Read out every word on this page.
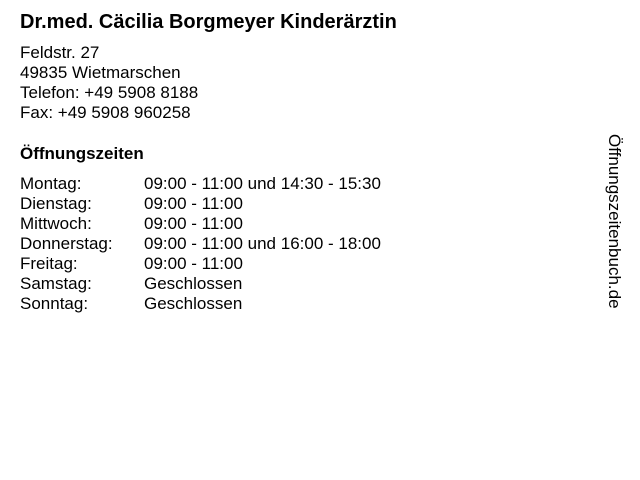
Dr.med. Cäcilia Borgmeyer Kinderärztin
Feldstr. 27
49835 Wietmarschen
Telefon: +49 5908 8188
Fax: +49 5908 960258
Öffnungszeiten
Montag:	09:00 - 11:00 und 14:30 - 15:30
Dienstag:	09:00 - 11:00
Mittwoch:	09:00 - 11:00
Donnerstag:	09:00 - 11:00 und 16:00 - 18:00
Freitag:	09:00 - 11:00
Samstag:	Geschlossen
Sonntag:	Geschlossen	Öffnungszeitenbuch.de
